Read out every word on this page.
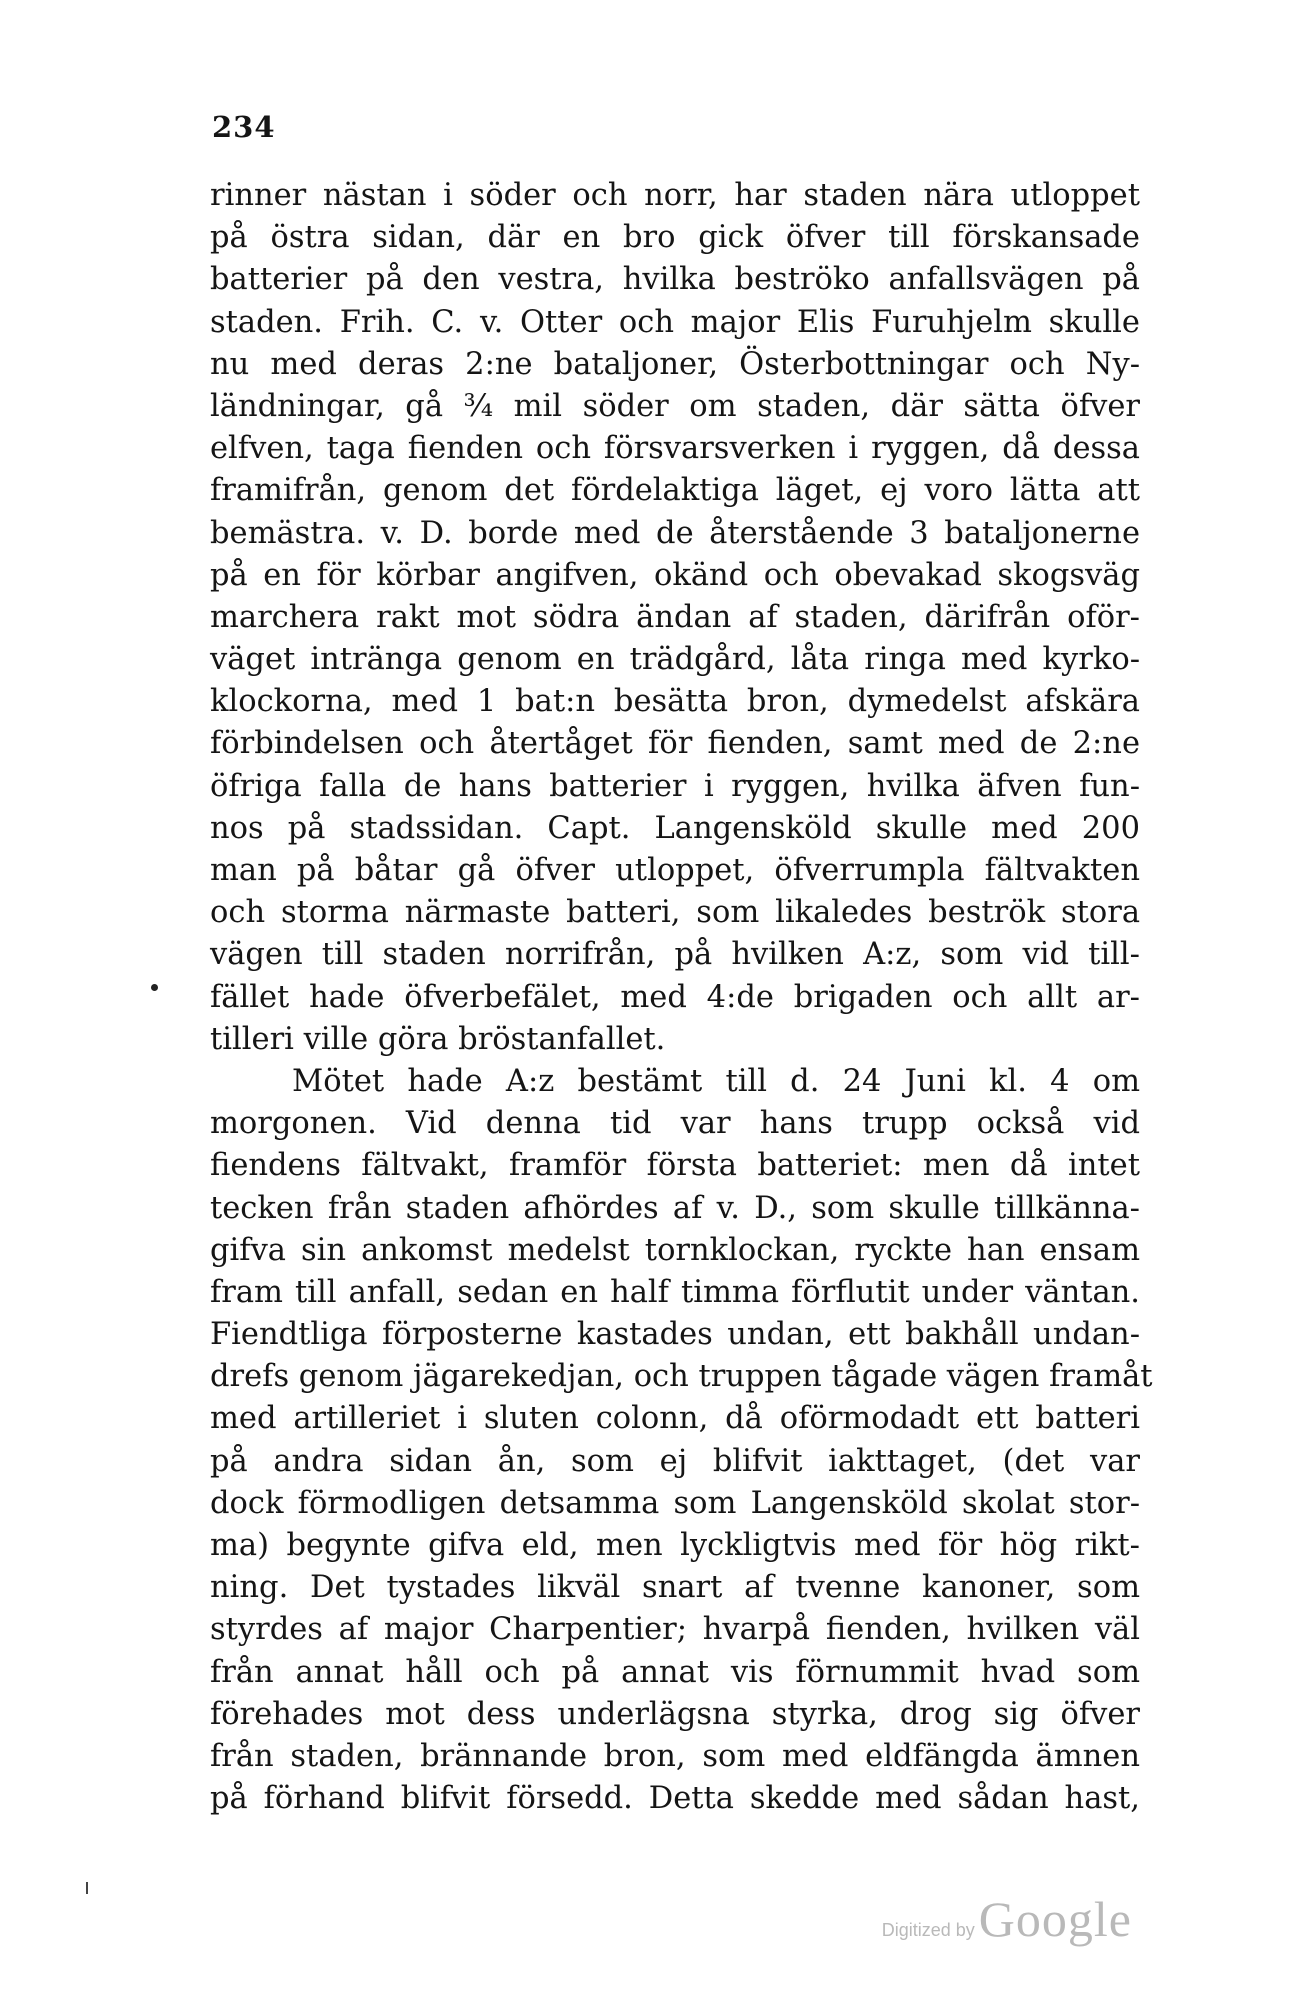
234
rinner nästan i söder och norr, har staden nära utloppet
på östra sidan, där en bro gick öfver till förskansade
batterier på den vestra, hvilka beströko anfallsvägen på
staden. Frih. C. v. Otter och major Elis Furuhjelm skulle
nu med deras 2:ne bataljoner, Österbottningar och Ny-
ländningar, gå ¾ mil söder om staden, där sätta öfver
elfven, taga fienden och försvarsverken i ryggen, då dessa
framifrån, genom det fördelaktiga läget, ej voro lätta att
bemästra. v. D. borde med de återstående 3 bataljonerne
på en för körbar angifven, okänd och obevakad skogsväg
marchera rakt mot södra ändan af staden, därifrån oför-
väget intränga genom en trädgård, låta ringa med kyrko-
klockorna, med 1 bat:n besätta bron, dymedelst afskära
förbindelsen och återtåget för fienden, samt med de 2:ne
öfriga falla de hans batterier i ryggen, hvilka äfven fun-
nos på stadssidan. Capt. Langensköld skulle med 200
man på båtar gå öfver utloppet, öfverrumpla fältvakten
och storma närmaste batteri, som likaledes beströk stora
vägen till staden norrifrån, på hvilken A:z, som vid till-
fället hade öfverbefälet, med 4:de brigaden och allt ar-
tilleri ville göra bröstanfallet.
Mötet hade A:z bestämt till d. 24 Juni kl. 4 om
morgonen. Vid denna tid var hans trupp också vid
fiendens fältvakt, framför första batteriet: men då intet
tecken från staden afhördes af v. D., som skulle tillkänna-
gifva sin ankomst medelst tornklockan, ryckte han ensam
fram till anfall, sedan en half timma förflutit under väntan.
Fiendtliga förposterne kastades undan, ett bakhåll undan-
drefs genom jägarekedjan, och truppen tågade vägen framåt
med artilleriet i sluten colonn, då oförmodadt ett batteri
på andra sidan ån, som ej blifvit iakttaget, (det var
dock förmodligen detsamma som Langensköld skolat stor-
ma) begynte gifva eld, men lyckligtvis med för hög rikt-
ning. Det tystades likväl snart af tvenne kanoner, som
styrdes af major Charpentier; hvarpå fienden, hvilken väl
från annat håll och på annat vis förnummit hvad som
förehades mot dess underlägsna styrka, drog sig öfver
från staden, brännande bron, som med eldfängda ämnen
på förhand blifvit försedd. Detta skedde med sådan hast,
Digitized by Google
